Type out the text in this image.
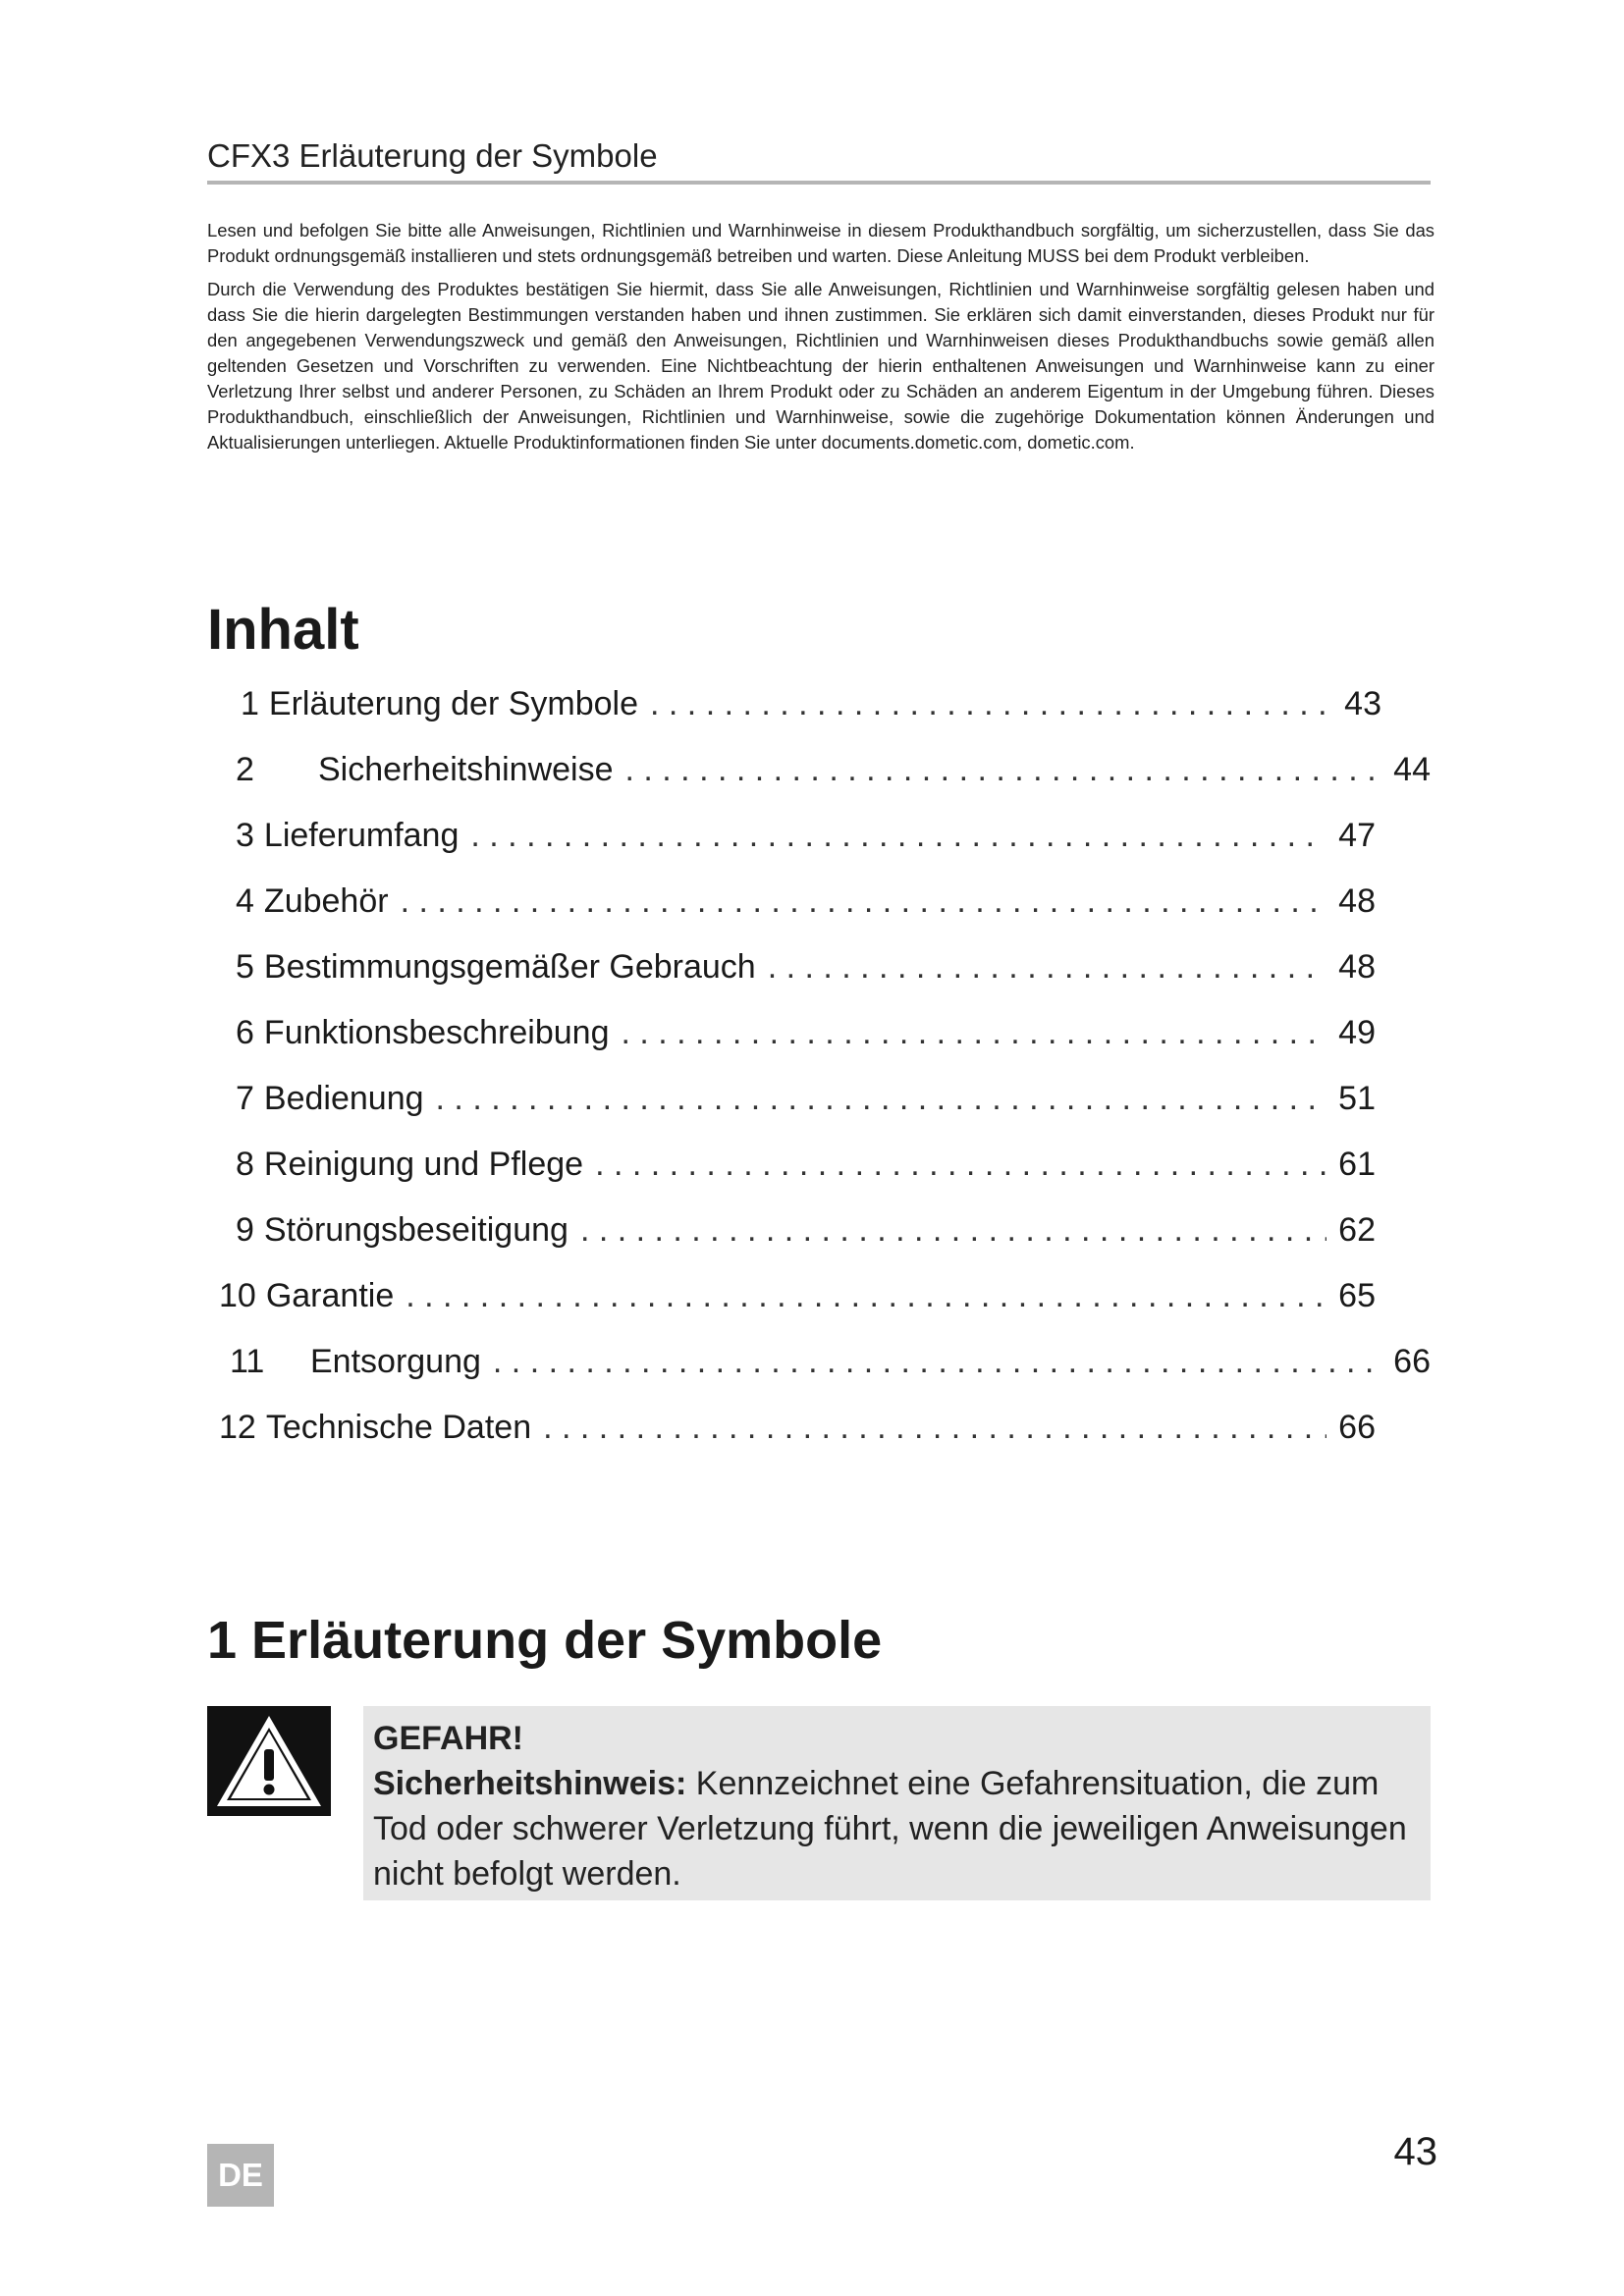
CFX3 Erläuterung der Symbole

Lesen und befolgen Sie bitte alle Anweisungen, Richtlinien und Warnhinweise in diesem Produkthandbuch sorgfältig, um sicherzustellen, dass Sie das Produkt ordnungsgemäß installieren und stets ordnungsgemäß betreiben und warten. Diese Anleitung MUSS bei dem Produkt verbleiben.

Durch die Verwendung des Produktes bestätigen Sie hiermit, dass Sie alle Anweisungen, Richtlinien und Warnhinweise sorgfältig gelesen haben und dass Sie die hierin dargelegten Bestimmungen verstanden haben und ihnen zustimmen. Sie erklären sich damit einverstanden, dieses Produkt nur für den angegebenen Verwendungszweck und gemäß den Anweisungen, Richtlinien und Warnhinweisen dieses Produkthandbuchs sowie gemäß allen geltenden Gesetzen und Vorschriften zu verwenden. Eine Nichtbeachtung der hierin enthaltenen Anweisungen und Warnhinweise kann zu einer Verletzung Ihrer selbst und anderer Personen, zu Schäden an Ihrem Produkt oder zu Schäden an anderem Eigentum in der Umgebung führen. Dieses Produkthandbuch, einschließlich der Anweisungen, Richtlinien und Warnhinweise, sowie die zugehörige Dokumentation können Änderungen und Aktualisierungen unterliegen. Aktuelle Produktinformationen finden Sie unter documents.dometic.com, dometic.com.

Inhalt
1 Erläuterung der Symbole . . .	43
2	Sicherheitshinweise . . .	44
3 Lieferumfang . . .	47
4 Zubehör . . .	48
5 Bestimmungsgemäßer Gebrauch . . .	48
6 Funktionsbeschreibung . . .	49
7 Bedienung . . .	51
8 Reinigung und Pflege . . .	61
9 Störungsbeseitigung . . .	62
10 Garantie . . .	65
11	Entsorgung . . .	66
12 Technische Daten . . .	66
1 Erläuterung der Symbole
GEFAHR!
Sicherheitshinweis: Kennzeichnet eine Gefahrensituation, die zum Tod oder schwerer Verletzung führt, wenn die jeweiligen Anweisungen nicht befolgt werden.
DE
43
